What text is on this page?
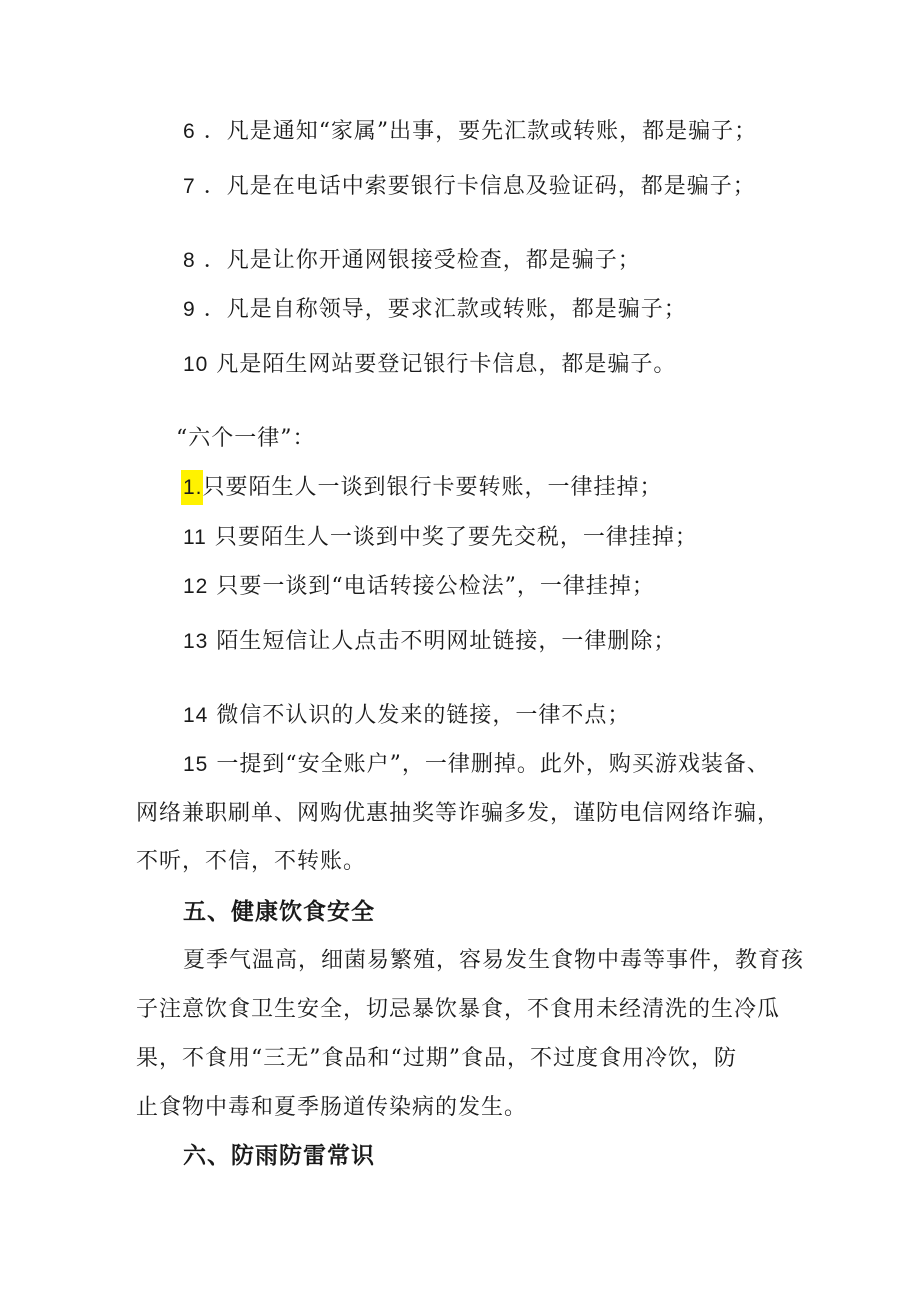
6 ．凡是通知“家属”出事，要先汇款或转账，都是骗子；
7 ．凡是在电话中索要银行卡信息及验证码，都是骗子；
8 ．凡是让你开通网银接受检查，都是骗子；
9 ．凡是自称领导，要求汇款或转账，都是骗子；
10 凡是陌生网站要登记银行卡信息，都是骗子。
“六个一律”：
1.只要陌生人一谈到银行卡要转账，一律挂掉；
11 只要陌生人一谈到中奖了要先交税，一律挂掉；
12 只要一谈到“电话转接公检法”，一律挂掉；
13 陌生短信让人点击不明网址链接，一律删除；
14 微信不认识的人发来的链接，一律不点；
15 一提到“安全账户”，一律删掉。此外，购买游戏装备、
网络兼职刷单、网购优惠抽奖等诈骗多发，谨防电信网络诈骗，
不听，不信，不转账。
五、健康饮食安全
夏季气温高，细菌易繁殖，容易发生食物中毒等事件，教育孩
子注意饮食卫生安全，切忌暴饮暴食，不食用未经清洗的生冷瓜
果，不食用“三无”食品和“过期”食品，不过度食用冷饮，防
止食物中毒和夏季肠道传染病的发生。
六、防雨防雷常识
